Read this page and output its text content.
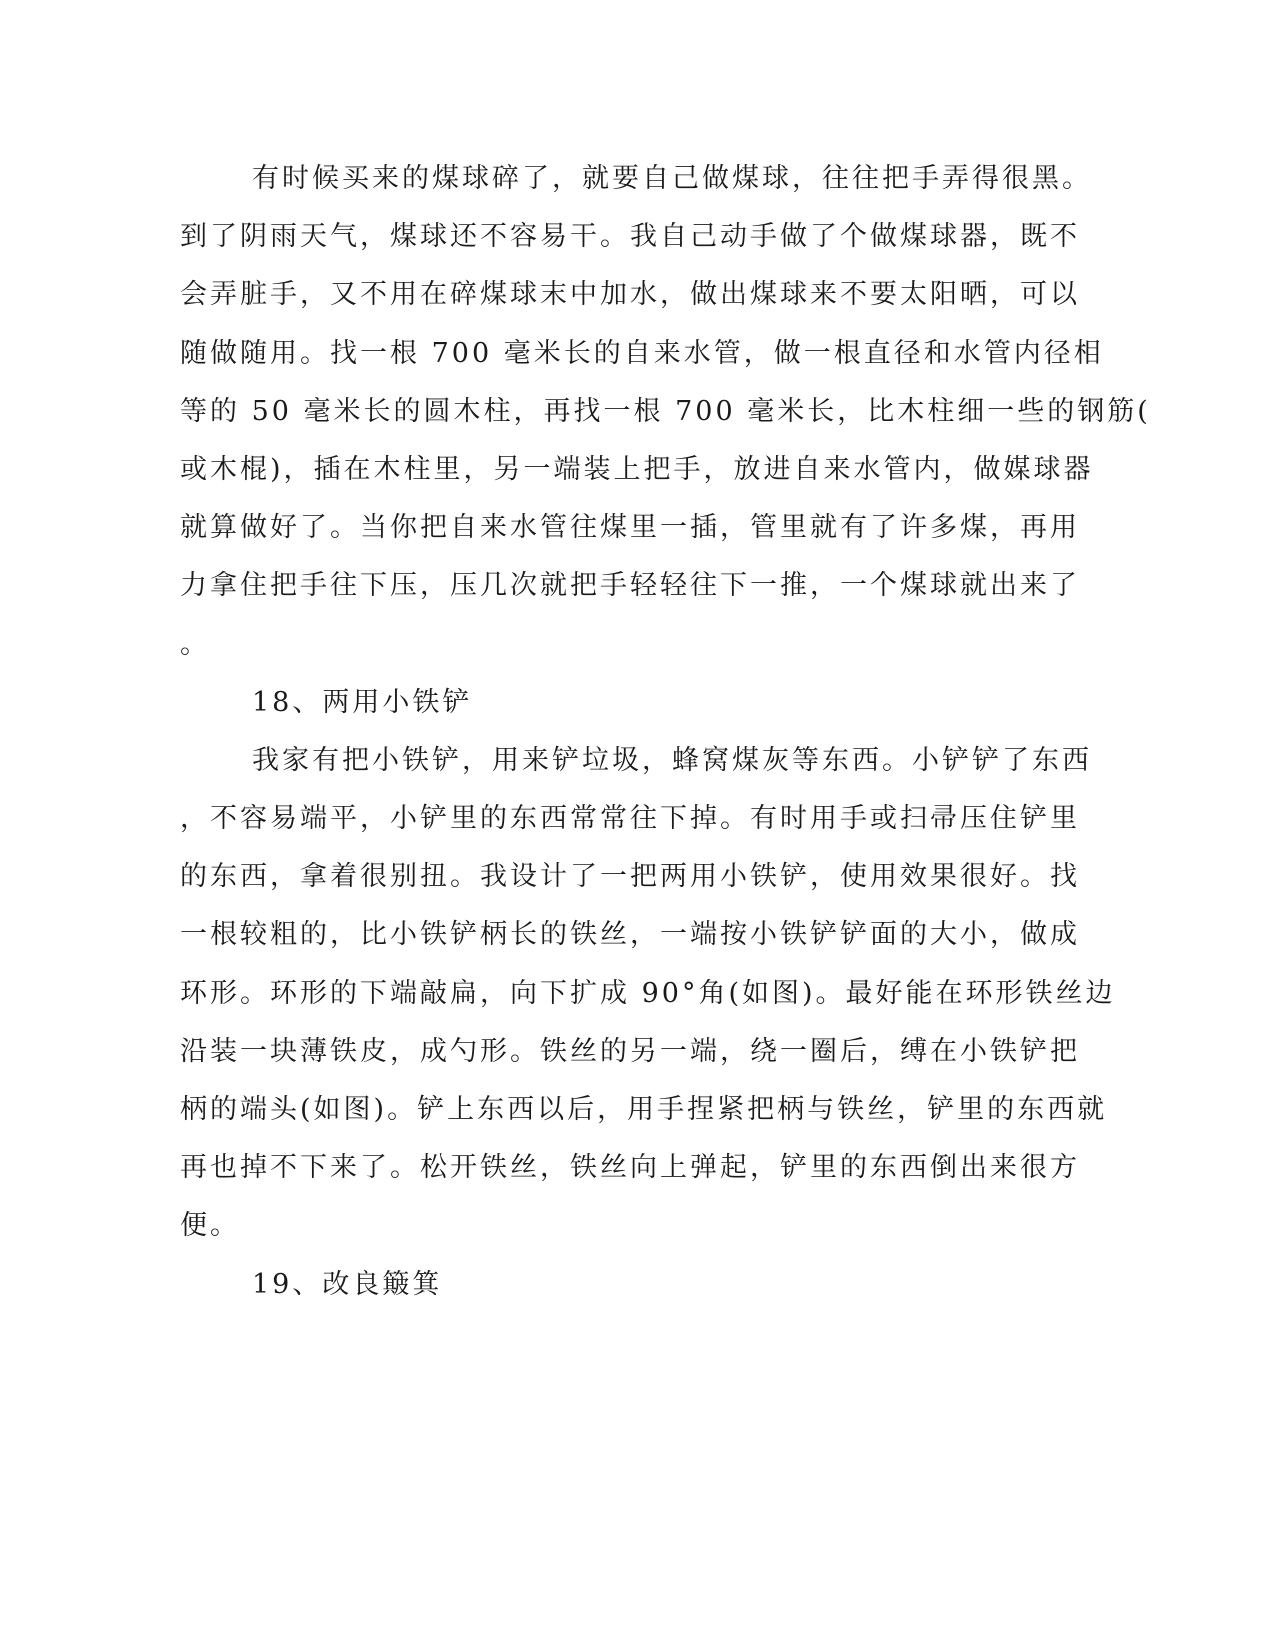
有时候买来的煤球碎了，就要自己做煤球，往往把手弄得很黑。
到了阴雨天气，煤球还不容易干。我自己动手做了个做煤球器，既不
会弄脏手，又不用在碎煤球末中加水，做出煤球来不要太阳晒，可以
随做随用。找一根 700 毫米长的自来水管，做一根直径和水管内径相
等的 50 毫米长的圆木柱，再找一根 700 毫米长，比木柱细一些的钢筋(
或木棍)，插在木柱里，另一端装上把手，放进自来水管内，做媒球器
就算做好了。当你把自来水管往煤里一插，管里就有了许多煤，再用
力拿住把手往下压，压几次就把手轻轻往下一推，一个煤球就出来了
。
18、两用小铁铲
我家有把小铁铲，用来铲垃圾，蜂窝煤灰等东西。小铲铲了东西
，不容易端平，小铲里的东西常常往下掉。有时用手或扫帚压住铲里
的东西，拿着很别扭。我设计了一把两用小铁铲，使用效果很好。找
一根较粗的，比小铁铲柄长的铁丝，一端按小铁铲铲面的大小，做成
环形。环形的下端敲扁，向下扩成 90°角(如图)。最好能在环形铁丝边
沿装一块薄铁皮，成勺形。铁丝的另一端，绕一圈后，缚在小铁铲把
柄的端头(如图)。铲上东西以后，用手捏紧把柄与铁丝，铲里的东西就
再也掉不下来了。松开铁丝，铁丝向上弹起，铲里的东西倒出来很方
便。
19、改良簸箕
